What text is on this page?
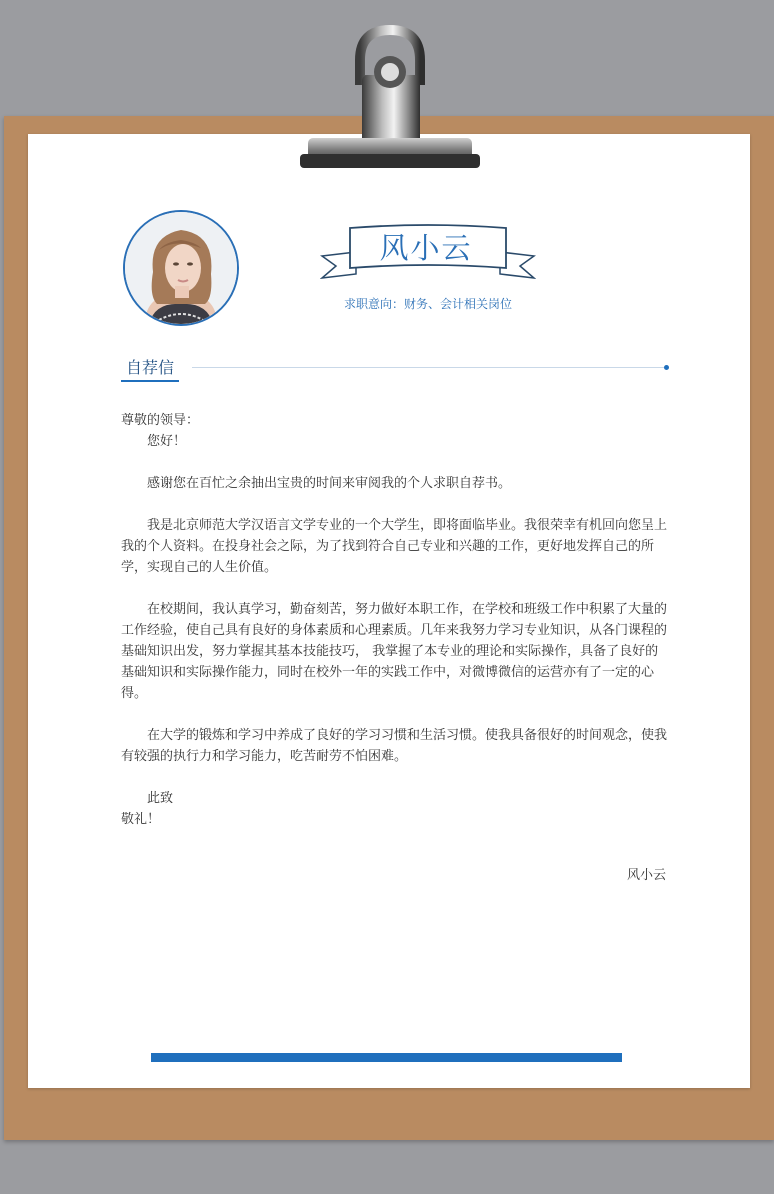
风小云
求职意向：财务、会计相关岗位
自荐信

尊敬的领导：

您好！

感谢您在百忙之余抽出宝贵的时间来审阅我的个人求职自荐书。

我是北京师范大学汉语言文学专业的一个大学生，即将面临毕业。我很荣幸有机回向您呈上我的个人资料。在投身社会之际，为了找到符合自己专业和兴趣的工作，更好地发挥自己的所学，实现自己的人生价值。

在校期间，我认真学习，勤奋刻苦，努力做好本职工作，在学校和班级工作中积累了大量的工作经验，使自己具有良好的身体素质和心理素质。几年来我努力学习专业知识，从各门课程的基础知识出发，努力掌握其基本技能技巧， 我掌握了本专业的理论和实际操作，具备了良好的基础知识和实际操作能力，同时在校外一年的实践工作中，对微博微信的运营亦有了一定的心得。

在大学的锻炼和学习中养成了良好的学习习惯和生活习惯。使我具备很好的时间观念，使我有较强的执行力和学习能力，吃苦耐劳不怕困难。

此致

敬礼！

风小云
